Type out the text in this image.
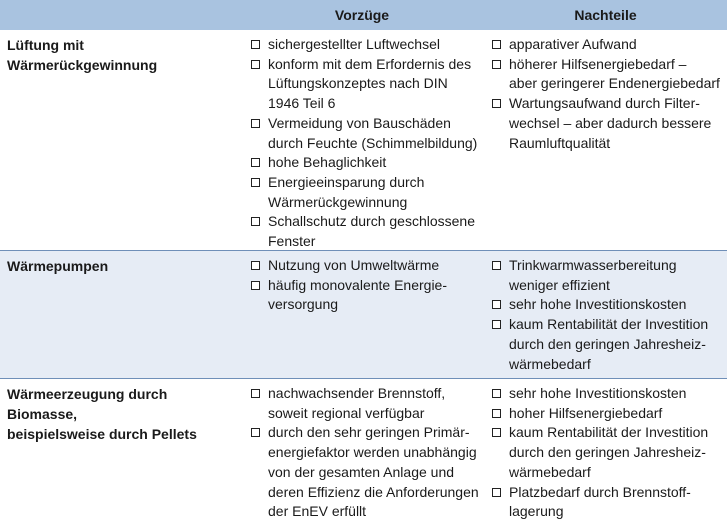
Vorzüge	Nachteile
Lüftung mit
Wärmerückgewinnung
sichergestellter Luftwechsel
konform mit dem Erfordernis des
Lüftungskonzeptes nach DIN
1946 Teil 6
Vermeidung von Bauschäden
durch Feuchte (Schimmelbildung)
hohe Behaglichkeit
Energieeinsparung durch
Wärmerückgewinnung
Schallschutz durch geschlossene
Fenster
apparativer Aufwand
höherer Hilfsenergiebedarf –
aber geringerer Endenergiebedarf
Wartungsaufwand durch Filter-
wechsel – aber dadurch bessere
Raumluftqualität
Wärmepumpen	Nutzung von Umweltwärme
häufig monovalente Energie-
versorgung
Trinkwarmwasserbereitung
weniger effizient
sehr hohe Investitionskosten
kaum Rentabilität der Investition
durch den geringen Jahresheiz-
wärmebedarf
Wärmeerzeugung durch Biomasse,
beispielsweise durch Pellets
nachwachsender Brennstoff,
soweit regional verfügbar
durch den sehr geringen Primär-
energiefaktor werden unabhängig
von der gesamten Anlage und
deren Effizienz die Anforderungen
der EnEV erfüllt
sehr hohe Investitionskosten
hoher Hilfsenergiebedarf
kaum Rentabilität der Investition
durch den geringen Jahresheiz-
wärmebedarf
Platzbedarf durch Brennstoff-
lagerung
